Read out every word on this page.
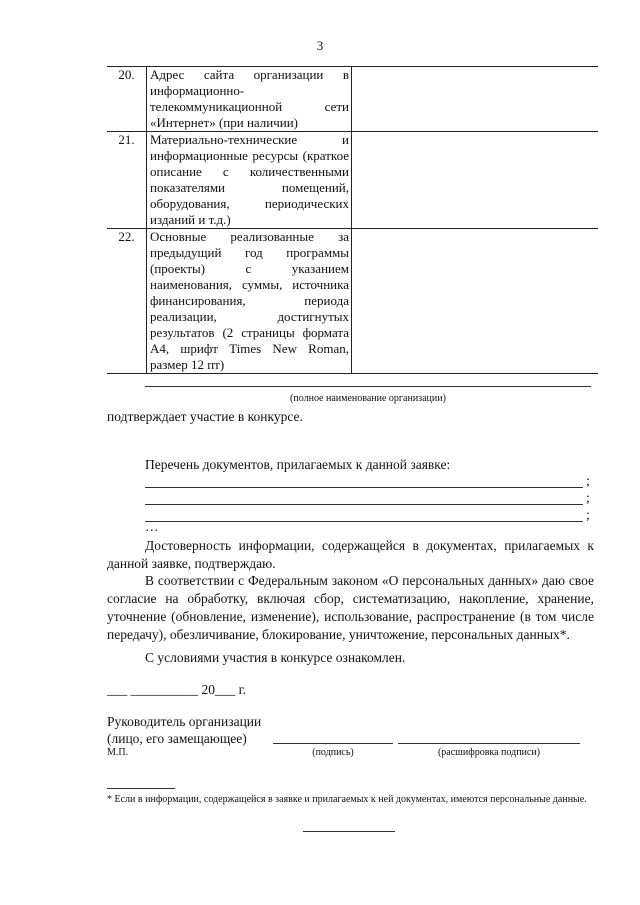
3
20.	Адрес сайта организации в информационно-телекоммуникационной сети «Интернет» (при наличии)	
21.	Материально-технические и информационные ресурсы (краткое описание с количественными показателями помещений, оборудования, периодических изданий и т.д.)	
22.	Основные реализованные за предыдущий год программы (проекты) с указанием наименования, суммы, источника финансирования, периода реализации, достигнутых результатов (2 страницы формата А4, шрифт Times New Roman, размер 12 пт)	
(полное наименование организации)
подтверждает участие в конкурсе.
Перечень документов, прилагаемых к данной заявке:
;
;
;
…
Достоверность информации, содержащейся в документах, прилагаемых к данной заявке, подтверждаю.
В соответствии с Федеральным законом «О персональных данных» даю свое согласие на обработку, включая сбор, систематизацию, накопление, хранение, уточнение (обновление, изменение), использование, распространение (в том числе передачу), обезличивание, блокирование, уничтожение, персональных данных*.
С условиями участия в конкурсе ознакомлен.
___ __________ 20___ г.
Руководитель организации
(лицо, его замещающее)
М.П.	(подпись)	(расшифровка подписи)
* Если в информации, содержащейся в заявке и прилагаемых к ней документах, имеются персональные данные.
